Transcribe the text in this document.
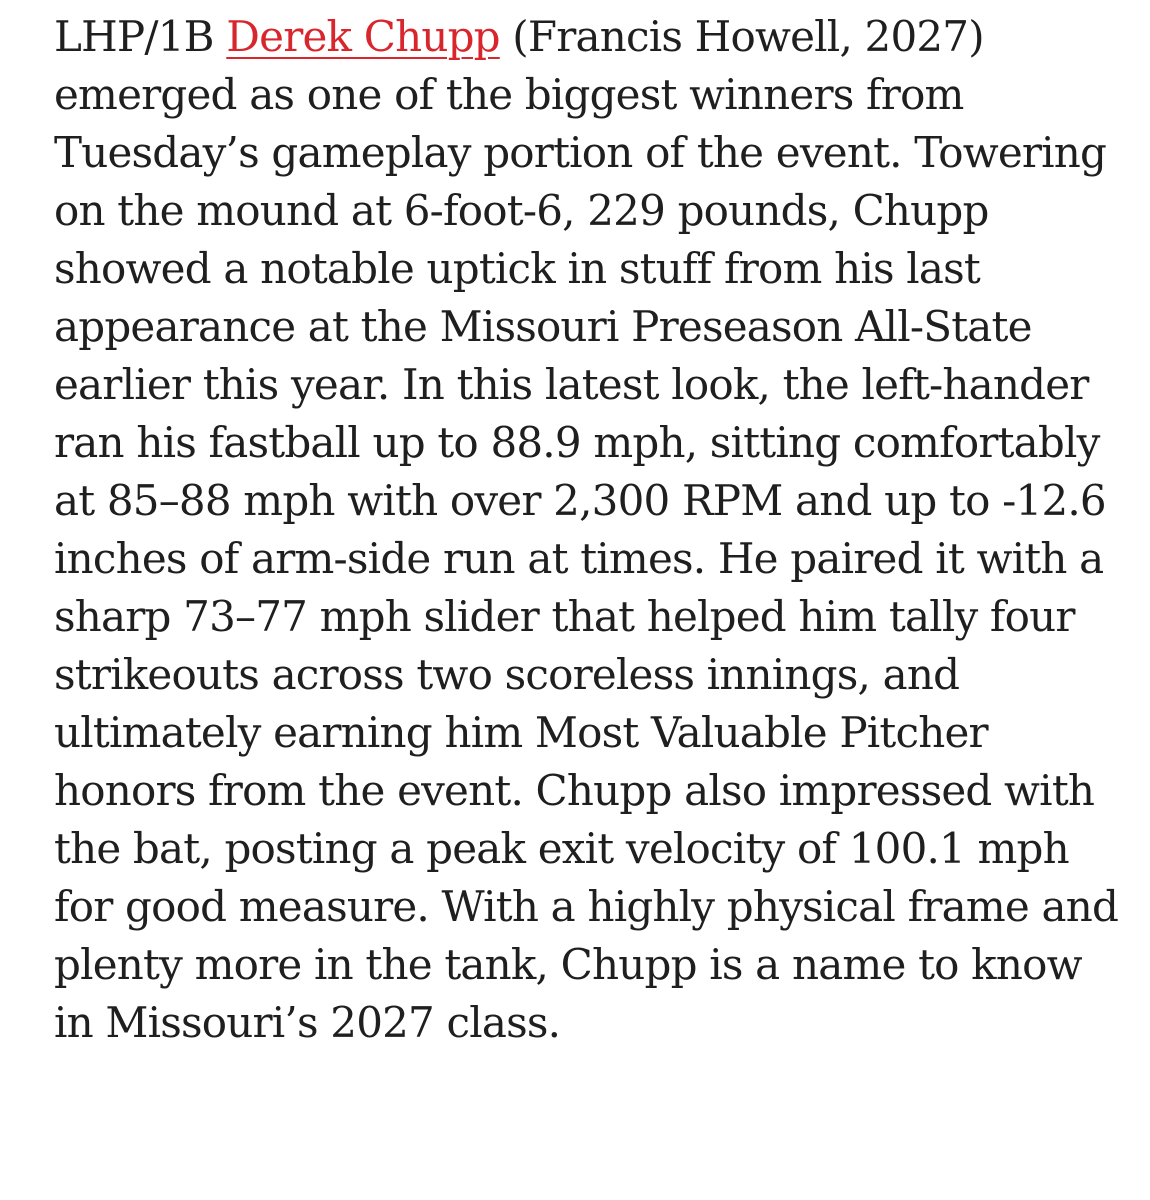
LHP/1B Derek Chupp (Francis Howell, 2027)
emerged as one of the biggest winners from
Tuesday’s gameplay portion of the event. Towering
on the mound at 6-foot-6, 229 pounds, Chupp
showed a notable uptick in stuff from his last
appearance at the Missouri Preseason All-State
earlier this year. In this latest look, the left-hander
ran his fastball up to 88.9 mph, sitting comfortably
at 85–88 mph with over 2,300 RPM and up to -12.6
inches of arm-side run at times. He paired it with a
sharp 73–77 mph slider that helped him tally four
strikeouts across two scoreless innings, and
ultimately earning him Most Valuable Pitcher
honors from the event. Chupp also impressed with
the bat, posting a peak exit velocity of 100.1 mph
for good measure. With a highly physical frame and
plenty more in the tank, Chupp is a name to know
in Missouri’s 2027 class.
